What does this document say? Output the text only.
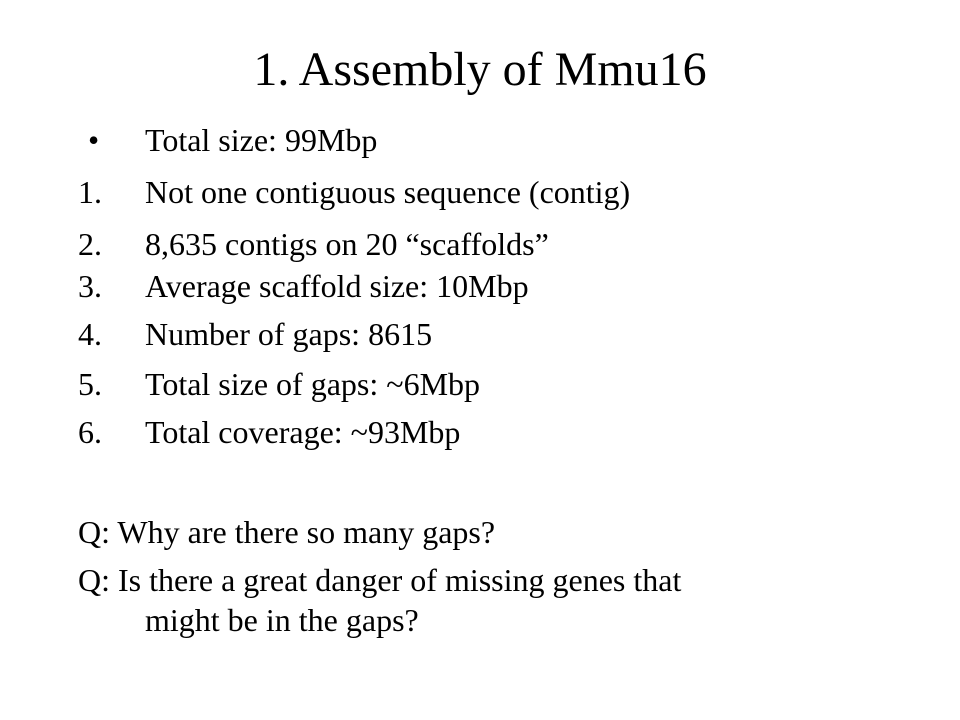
1. Assembly of Mmu16
• Total size: 99Mbp
1. Not one contiguous sequence (contig)
2. 8,635 contigs on 20 “scaffolds”
3. Average scaffold size: 10Mbp
4. Number of gaps: 8615
5. Total size of gaps: ~6Mbp
6. Total coverage: ~93Mbp
Q: Why are there so many gaps?
Q: Is there a great danger of missing genes that
might be in the gaps?
